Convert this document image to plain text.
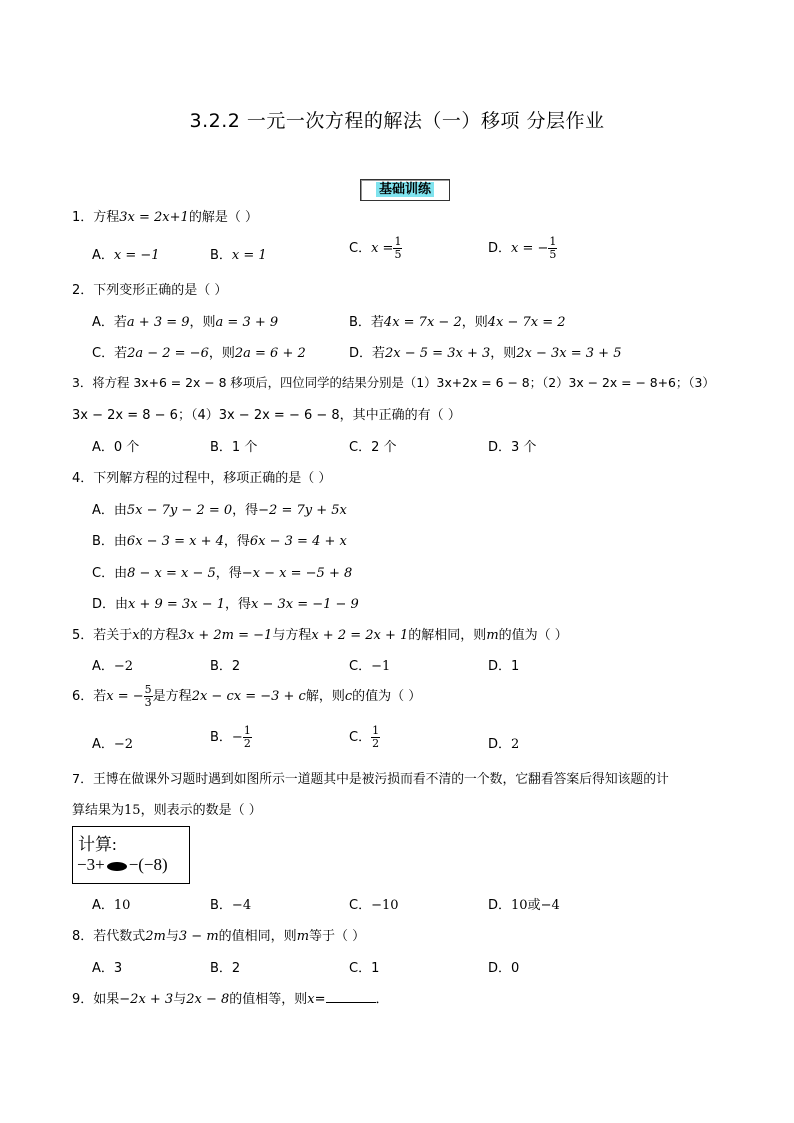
3.2.2 一元一次方程的解法（一）移项 分层作业
基础训练
1．方程3x = 2x+1的解是（ ）
A．x = −1	B．x = 1	C．$x = \frac{1}{5}$	D．x = − $\frac{1}{5}$
2．下列变形正确的是（ ）
A．若a + 3 = 9，则a = 3 + 9	B．若4x = 7x − 2，则4x − 7x = 2
C．若2a − 2 = −6，则2a = 6 + 2	D．若2x − 5 = 3x + 3，则2x − 3x = 3 + 5
3．将方程 3x+6 = 2x − 8 移项后，四位同学的结果分别是（1）3x+2x = 6 − 8；（2）3x − 2x = − 8+6；（3）
3x − 2x = 8 − 6；（4）3x − 2x = − 6 − 8，其中正确的有（ ）
A．0 个	B．1 个	C．2 个	D．3 个
4．下列解方程的过程中，移项正确的是（ ）
A．由5x − 7y − 2 = 0，得−2 = 7y + 5x
B．由6x − 3 = x + 4，得6x − 3 = 4 + x
C．由8 − x = x − 5，得−x − x = −5 + 8
D．由x + 9 = 3x − 1，得x − 3x = −1 − 9
5．若关于x的方程3x + 2m = −1与方程x + 2 = 2x + 1的解相同，则m的值为（ ）
A．−2	B．2	C．−1	D．1
6．若x = − $\frac{5}{3}$ 是方程2x − cx = −3 + c解，则c的值为（ ）
A．−2	B．− $\frac{1}{2}$	C． $\frac{1}{2}$	D．2
7．王博在做课外习题时遇到如图所示一道题其中是被污损而看不清的一个数，它翻看答案后得知该题的计
算结果为15，则表示的数是（ ）
计算:
−3+ −(−8)
A．10	B．−4	C．−10	D．10或−4
8．若代数式2m与3 − m的值相同，则m等于（ ）
A．3	B．2	C．1	D．0
9．如果−2x + 3与2x − 8的值相等，则x=	．
